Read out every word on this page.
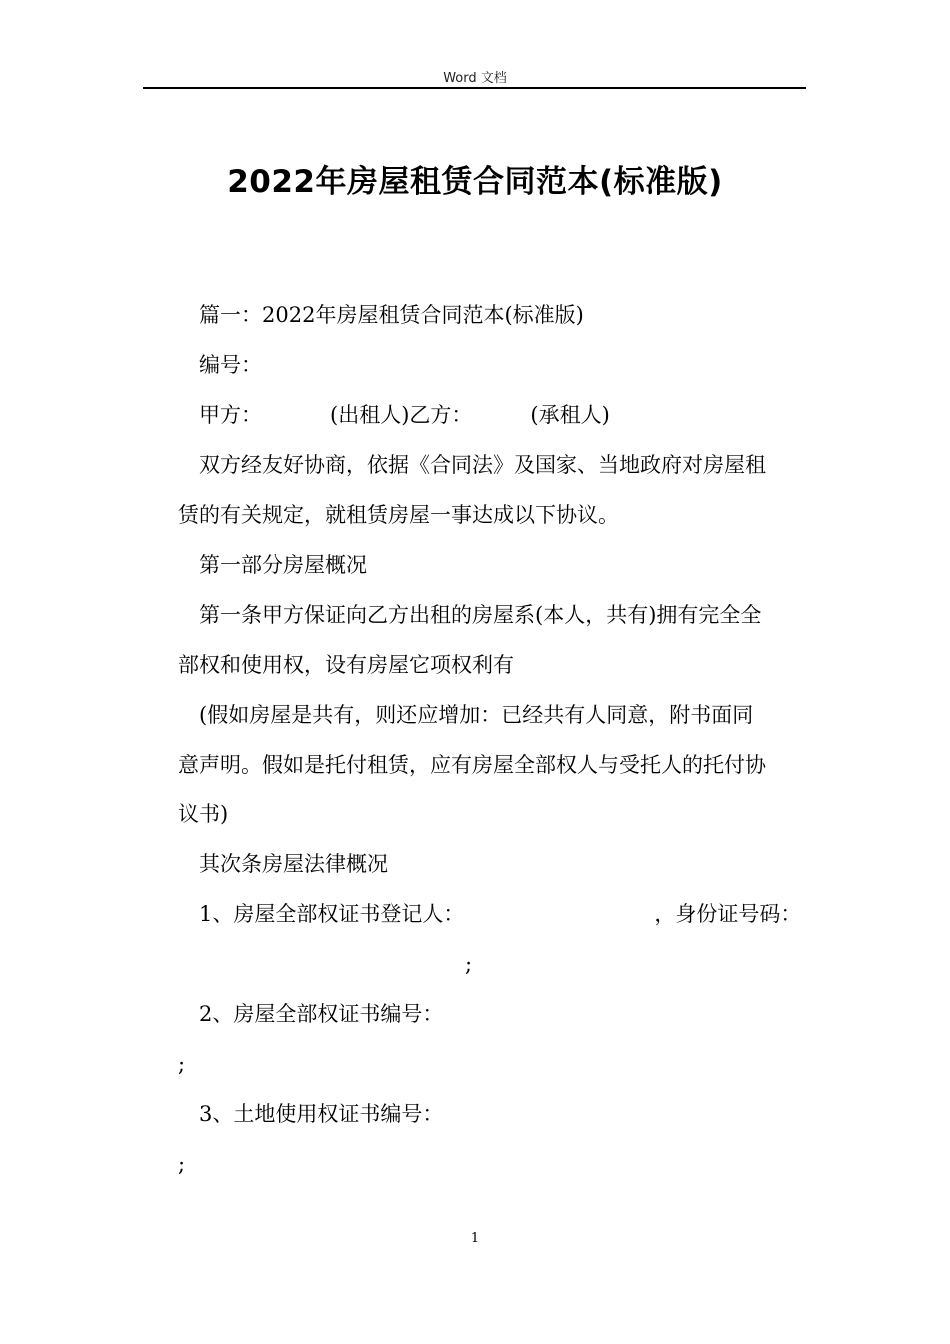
Word 文档
2022年房屋租赁合同范本(标准版)
篇一：2022年房屋租赁合同范本(标准版)
编号：
甲方：	(出租人)乙方：	(承租人)
双方经友好协商，依据《合同法》及国家、当地政府对房屋租
赁的有关规定，就租赁房屋一事达成以下协议。
第一部分房屋概况
第一条甲方保证向乙方出租的房屋系(本人，共有)拥有完全全
部权和使用权，设有房屋它项权利有
(假如房屋是共有，则还应增加：已经共有人同意，附书面同
意声明。假如是托付租赁，应有房屋全部权人与受托人的托付协
议书)
其次条房屋法律概况
1、房屋全部权证书登记人：	，身份证号码：
;
2、房屋全部权证书编号：
;
3、土地使用权证书编号：
;
1
